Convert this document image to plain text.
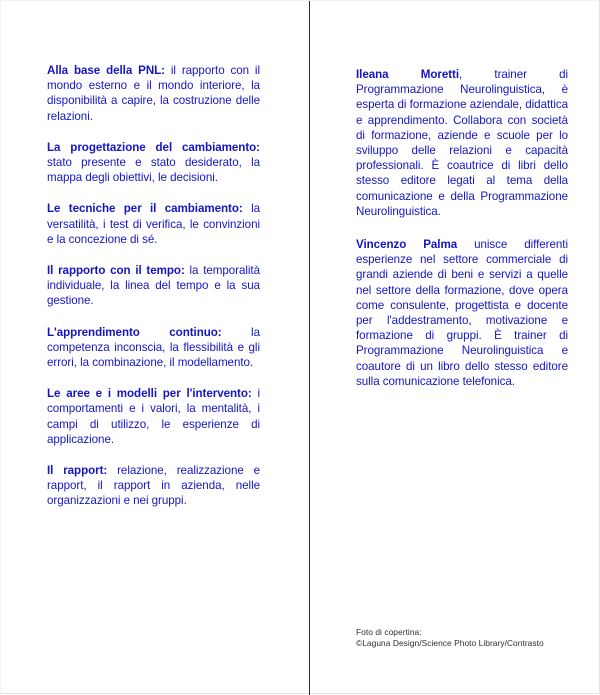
Alla base della PNL: il rapporto con il mondo esterno e il mondo interiore, la disponibilità a capire, la costruzione delle relazioni.

La progettazione del cambiamento: stato presente e stato desiderato, la mappa degli obiettivi, le decisioni.

Le tecniche per il cambiamento: la versatilità, i test di verifica, le convinzioni e la concezione di sé.

Il rapporto con il tempo: la temporalità individuale, la linea del tempo e la sua gestione.

L'apprendimento continuo: la competenza inconscia, la flessibilità e gli errori, la combinazione, il modellamento.

Le aree e i modelli per l'intervento: i comportamenti e i valori, la mentalità, i campi di utilizzo, le esperienze di applicazione.

Il rapport: relazione, realizzazione e rapport, il rapport in azienda, nelle organizzazioni e nei gruppi.

Ileana Moretti, trainer di Programmazione Neurolinguistica, è esperta di formazione aziendale, didattica e apprendimento. Collabora con società di formazione, aziende e scuole per lo sviluppo delle relazioni e capacità professionali. È coautrice di libri dello stesso editore legati al tema della comunicazione e della Programmazione Neurolinguistica.

Vincenzo Palma unisce differenti esperienze nel settore commerciale di grandi aziende di beni e servizi a quelle nel settore della formazione, dove opera come consulente, progettista e docente per l'addestramento, motivazione e formazione di gruppi. È trainer di Programmazione Neurolinguistica e coautore di un libro dello stesso editore sulla comunicazione telefonica.

Foto di copertina:
©Laguna Design/Science Photo Library/Contrasto
